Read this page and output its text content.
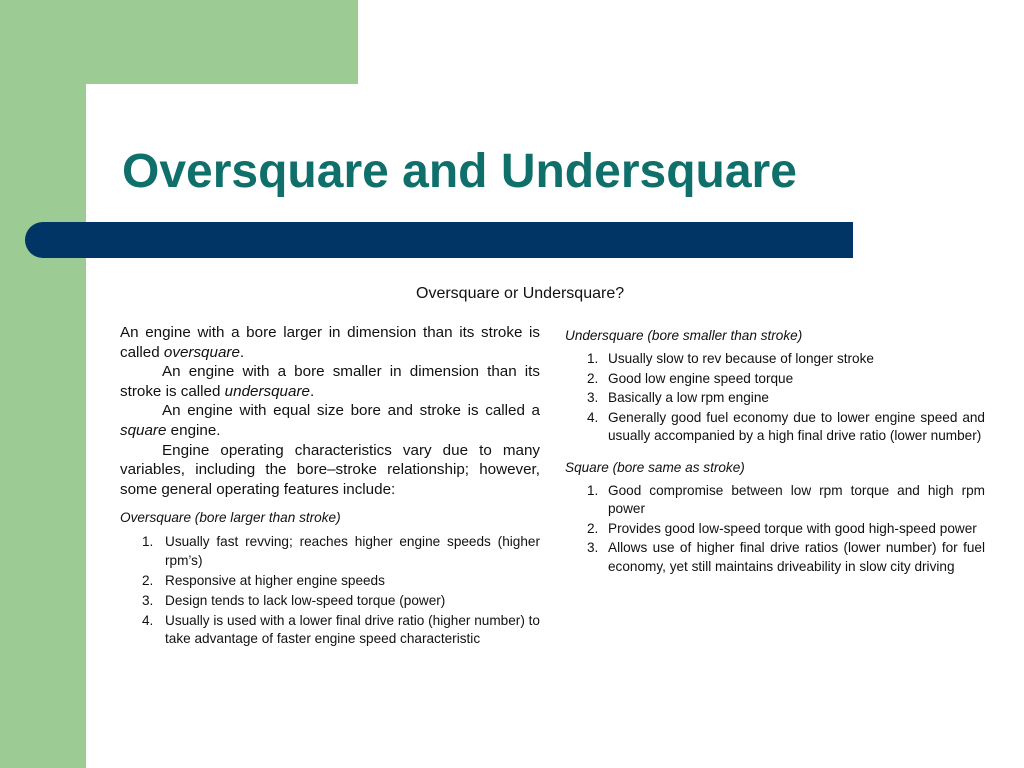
Oversquare and Undersquare
Oversquare or Undersquare?

An engine with a bore larger in dimension than its stroke is called oversquare.

An engine with a bore smaller in dimension than its stroke is called undersquare.

An engine with equal size bore and stroke is called a square engine.

Engine operating characteristics vary due to many variables, including the bore–stroke relationship; however, some general operating features include:

Oversquare (bore larger than stroke)
1. Usually fast revving; reaches higher engine speeds (higher rpm’s)
2. Responsive at higher engine speeds
3. Design tends to lack low-speed torque (power)
4. Usually is used with a lower final drive ratio (higher number) to take advantage of faster engine speed characteristic
Undersquare (bore smaller than stroke)
1. Usually slow to rev because of longer stroke
2. Good low engine speed torque
3. Basically a low rpm engine
4. Generally good fuel economy due to lower engine speed and usually accompanied by a high final drive ratio (lower number)
Square (bore same as stroke)
1. Good compromise between low rpm torque and high rpm power
2. Provides good low-speed torque with good high-speed power
3. Allows use of higher final drive ratios (lower number) for fuel economy, yet still maintains driveability in slow city driving
